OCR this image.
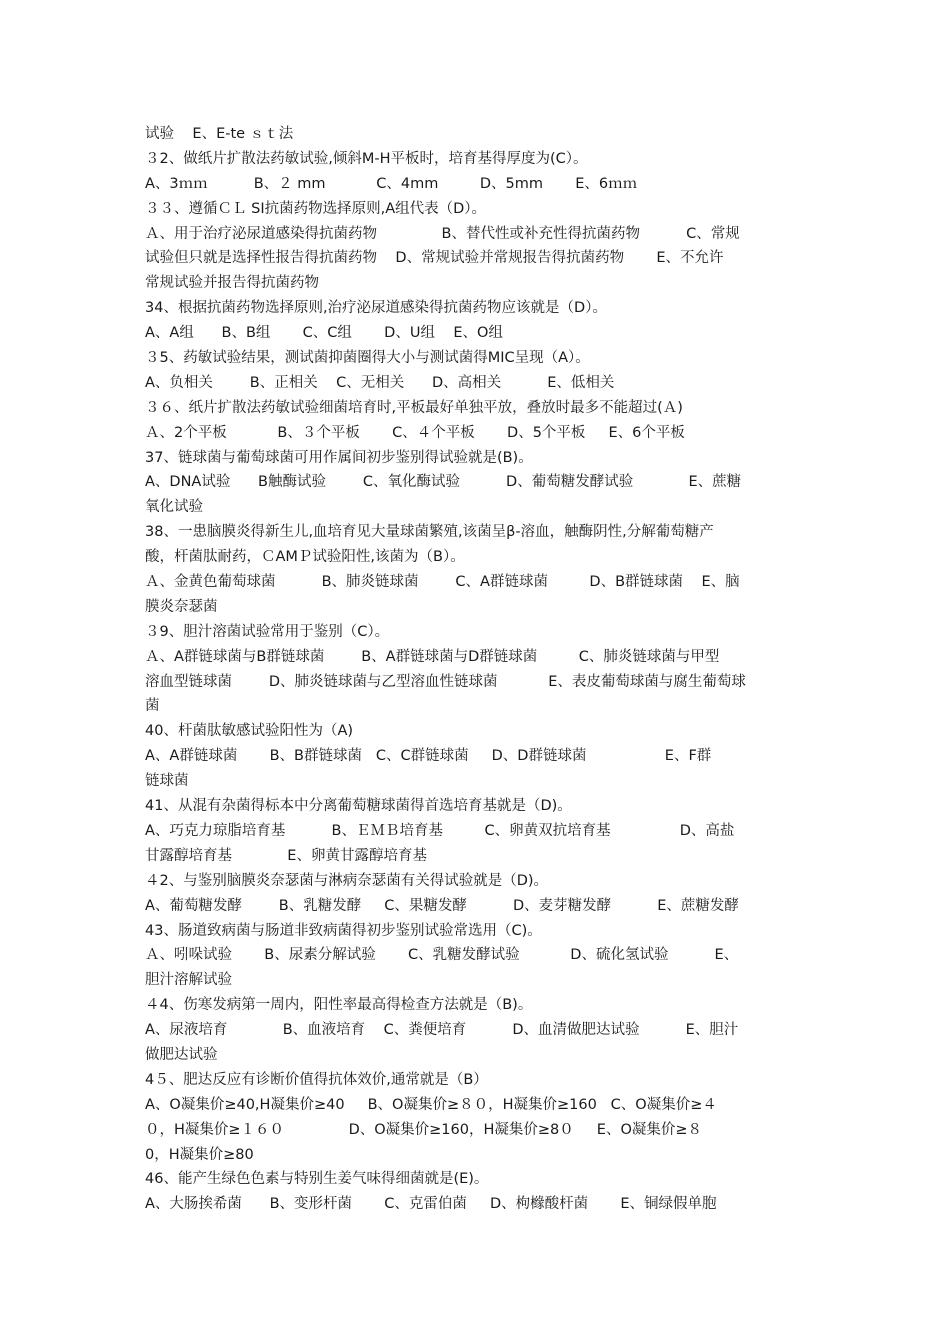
试验    E、E-te ｓｔ法
３2、做纸片扩散法药敏试验,倾斜M-H平板时，培育基得厚度为(C）。
A、3ｍｍ          B、２ mm           C、4mm         D、5mm       E、6ｍｍ
３３、遵循ＣＬ SI抗菌药物选择原则,A组代表（D）。
Ａ、用于治疗泌尿道感染得抗菌药物              B、替代性或补充性得抗菌药物          C、常规
试验但只就是选择性报告得抗菌药物    D、常规试验并常规报告得抗菌药物       E、不允许
常规试验并报告得抗菌药物
34、根据抗菌药物选择原则,治疗泌尿道感染得抗菌药物应该就是（D）。
A、A组      B、B组       C、C组       D、U组    E、O组
３5、药敏试验结果，测试菌抑菌圈得大小与测试菌得MIC呈现（A）。
A、负相关        B、正相关    C、无相关      D、高相关          E、低相关
３６、纸片扩散法药敏试验细菌培育时,平板最好单独平放，叠放时最多不能超过(Ａ)
Ａ、2个平板           B、３个平板       C、４个平板       D、5个平板     E、6个平板
37、链球菌与葡萄球菌可用作属间初步鉴别得试验就是(B)。
A、DNA试验      B触酶试验        C、氧化酶试验          D、葡萄糖发酵试验            E、蔗糖
氧化试验
38、一患脑膜炎得新生儿,血培育见大量球菌繁殖,该菌呈β-溶血，触酶阴性,分解葡萄糖产
酸，杆菌肽耐药，ＣAMＰ试验阳性,该菌为（B）。
Ａ、金黄色葡萄球菌          B、肺炎链球菌        C、A群链球菌         D、B群链球菌    E、脑
膜炎奈瑟菌
３9、胆汁溶菌试验常用于鉴别（C）。
Ａ、A群链球菌与B群链球菌        B、A群链球菌与D群链球菌         C、肺炎链球菌与甲型
溶血型链球菌        D、肺炎链球菌与乙型溶血性链球菌           E、表皮葡萄球菌与腐生葡萄球
菌
40、杆菌肽敏感试验阳性为（A)
A、A群链球菌       B、B群链球菌   C、C群链球菌     D、D群链球菌                 E、F群
链球菌
41、从混有杂菌得标本中分离葡萄糖球菌得首选培育基就是（D)。
A、巧克力琼脂培育基          B、ＥＭＢ培育基         C、卵黄双抗培育基               D、高盐
甘露醇培育基            E、卵黄甘露醇培育基
４2、与鉴别脑膜炎奈瑟菌与淋病奈瑟菌有关得试验就是（D)。
A、葡萄糖发酵        B、乳糖发酵     C、果糖发酵          D、麦芽糖发酵          E、蔗糖发酵
43、肠道致病菌与肠道非致病菌得初步鉴别试验常选用（C)。
Ａ、吲哚试验       B、尿素分解试验       C、乳糖发酵试验           D、硫化氢试验          E、
胆汁溶解试验
４4、伤寒发病第一周内，阳性率最高得检查方法就是（B)。
A、尿液培育            B、血液培育    C、粪便培育          D、血清做肥达试验          E、胆汁
做肥达试验
4５、肥达反应有诊断价值得抗体效价,通常就是（B）
A、O凝集价≥40,H凝集价≥40     B、O凝集价≥８０，H凝集价≥160   C、O凝集价≥４
０，H凝集价≥１６０              D、O凝集价≥160，H凝集价≥8０     E、O凝集价≥８
0，H凝集价≥80
46、能产生绿色色素与特别生姜气味得细菌就是(E)。
A、大肠挨希菌      B、变形杆菌       C、克雷伯菌     D、枸橼酸杆菌       E、铜绿假单胞
